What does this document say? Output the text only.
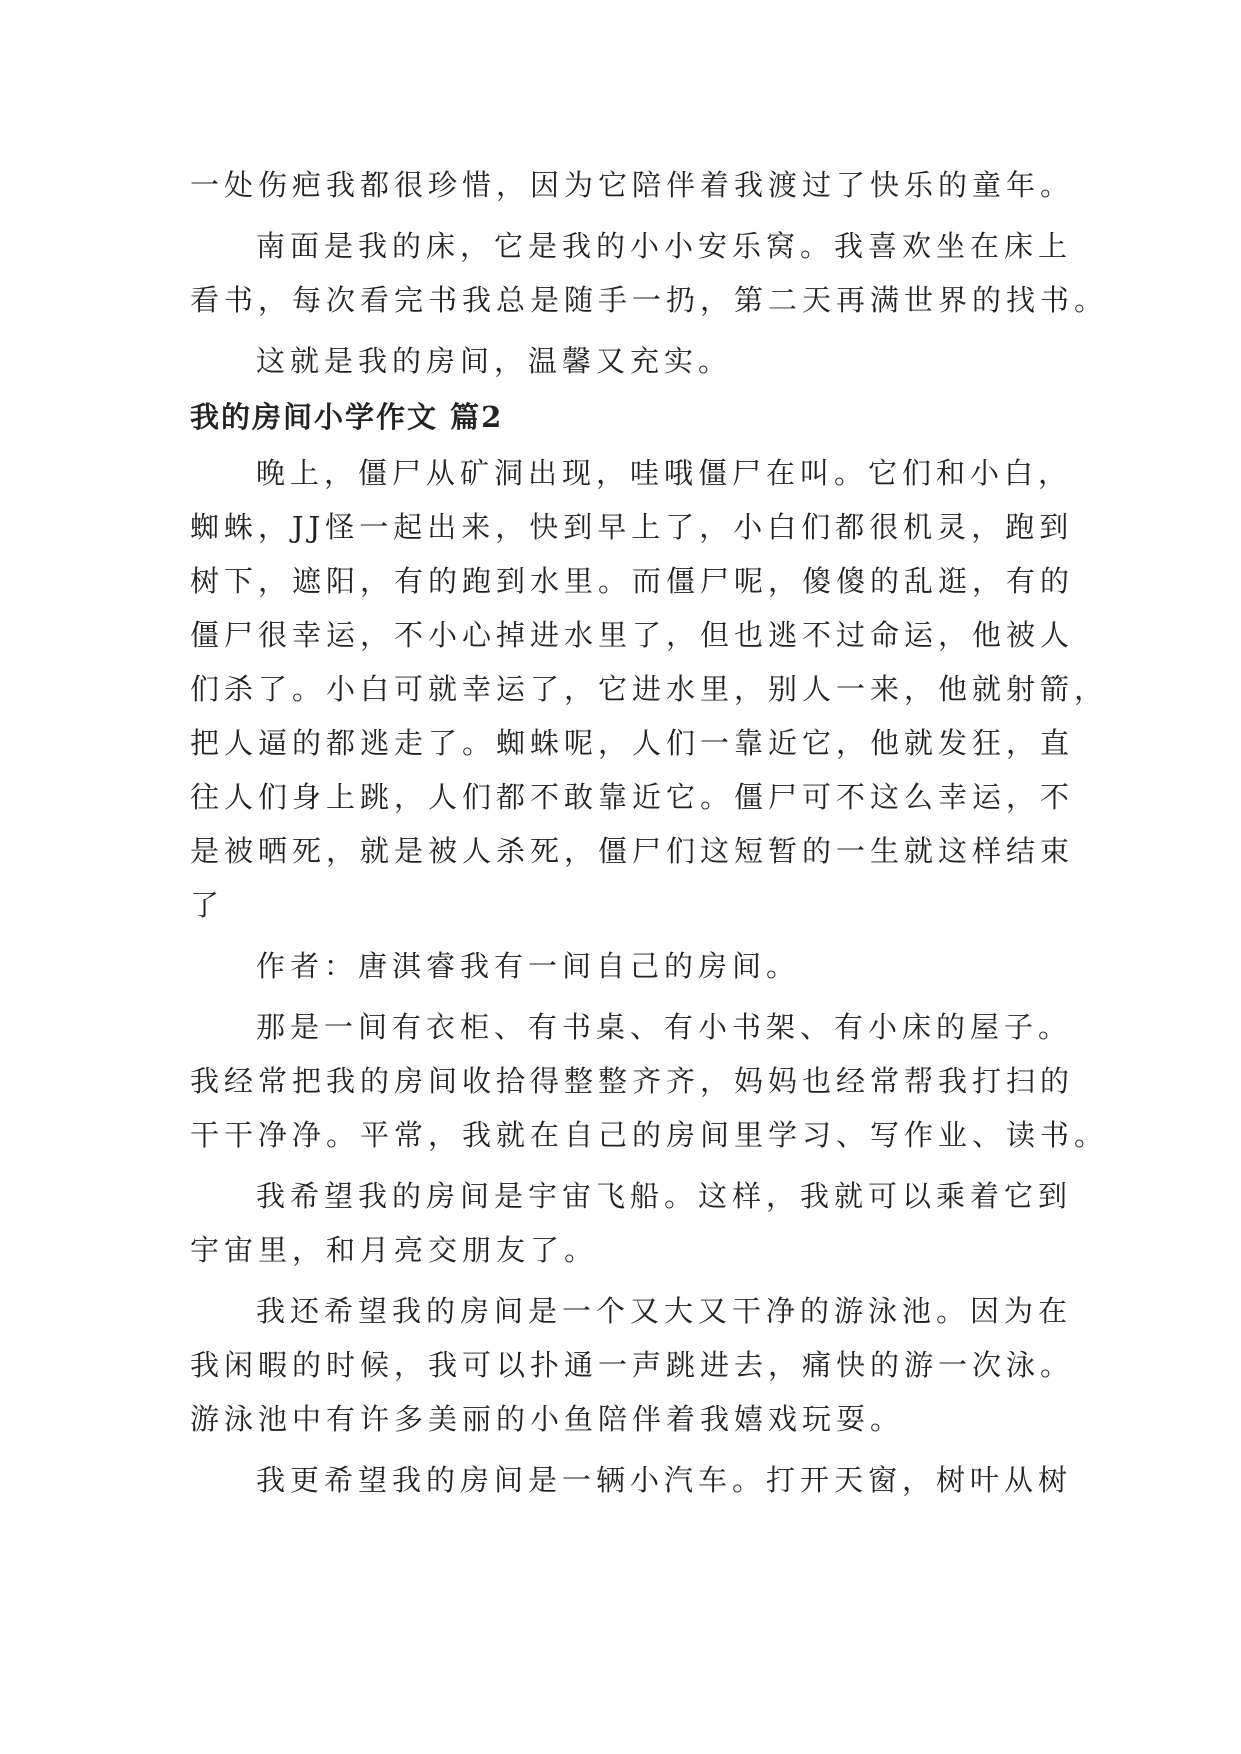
一处伤疤我都很珍惜，因为它陪伴着我渡过了快乐的童年。

南面是我的床，它是我的小小安乐窝。我喜欢坐在床上

看书，每次看完书我总是随手一扔，第二天再满世界的找书。

这就是我的房间，温馨又充实。

我的房间小学作文 篇2

晚上，僵尸从矿洞出现，哇哦僵尸在叫。它们和小白，

蜘蛛，JJ怪一起出来，快到早上了，小白们都很机灵，跑到

树下，遮阳，有的跑到水里。而僵尸呢，傻傻的乱逛，有的

僵尸很幸运，不小心掉进水里了，但也逃不过命运，他被人

们杀了。小白可就幸运了，它进水里，别人一来，他就射箭，

把人逼的都逃走了。蜘蛛呢，人们一靠近它，他就发狂，直

往人们身上跳，人们都不敢靠近它。僵尸可不这么幸运，不

是被晒死，就是被人杀死，僵尸们这短暂的一生就这样结束

了

作者：唐淇睿我有一间自己的房间。

那是一间有衣柜、有书桌、有小书架、有小床的屋子。

我经常把我的房间收拾得整整齐齐，妈妈也经常帮我打扫的

干干净净。平常，我就在自己的房间里学习、写作业、读书。

我希望我的房间是宇宙飞船。这样，我就可以乘着它到

宇宙里，和月亮交朋友了。

我还希望我的房间是一个又大又干净的游泳池。因为在

我闲暇的时候，我可以扑通一声跳进去，痛快的游一次泳。

游泳池中有许多美丽的小鱼陪伴着我嬉戏玩耍。

我更希望我的房间是一辆小汽车。打开天窗，树叶从树
